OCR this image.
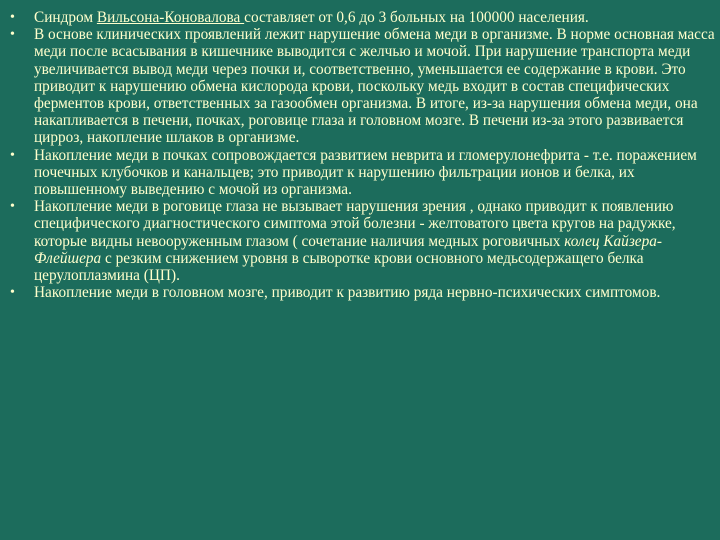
•	Синдром Вильсона-Коновалова составляет от 0,6 до 3 больных на 100000 населения.
•	В основе клинических проявлений лежит нарушение обмена меди в организме. В норме основная масса меди после всасывания в кишечнике выводится с желчью и мочой. При нарушение транспорта меди увеличивается вывод меди через почки и, соответственно, уменьшается ее содержание в крови. Это приводит к нарушению обмена кислорода крови, поскольку медь входит в состав специфических ферментов крови, ответственных за газообмен организма. В итоге, из-за нарушения обмена меди, она накапливается в печени, почках, роговице глаза и головном мозге. В печени из-за этого развивается цирроз, накопление шлаков в организме.
•	Накопление меди в почках сопровождается развитием неврита и гломерулонефрита - т.е. поражением почечных клубочков и канальцев; это приводит к нарушению фильтрации ионов и белка, их повышенному выведению с мочой из организма.
•	Накопление меди в роговице глаза не вызывает нарушения зрения , однако приводит к появлению специфического диагностического симптома этой болезни - желтоватого цвета кругов на радужке, которые видны невооруженным глазом ( сочетание наличия медных роговичных колец Кайзера-Флейшера с резким снижением уровня в сыворотке крови основного медьсодержащего белка церулоплазмина (ЦП).
•	Накопление меди в головном мозге, приводит к развитию ряда нервно-психических симптомов.
